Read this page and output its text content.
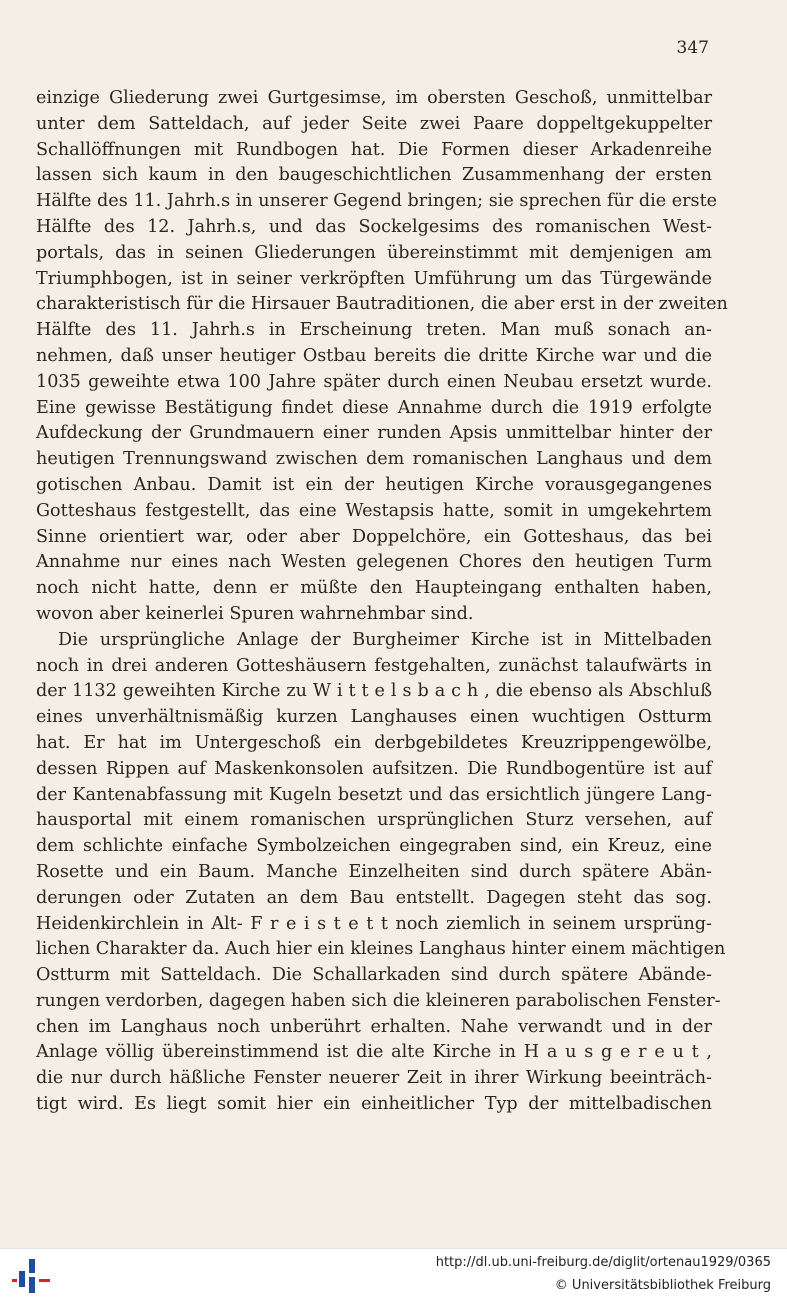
347
einzige Gliederung zwei Gurtgesimse, im obersten Geschoß, unmittelbar
unter dem Satteldach, auf jeder Seite zwei Paare doppeltgekuppelter
Schallöffnungen mit Rundbogen hat. Die Formen dieser Arkadenreihe
lassen sich kaum in den baugeschichtlichen Zusammenhang der ersten
Hälfte des 11. Jahrh.s in unserer Gegend bringen; sie sprechen für die erste
Hälfte des 12. Jahrh.s, und das Sockelgesims des romanischen West-
portals, das in seinen Gliederungen übereinstimmt mit demjenigen am
Triumphbogen, ist in seiner verkröpften Umführung um das Türgewände
charakteristisch für die Hirsauer Bautraditionen, die aber erst in der zweiten
Hälfte des 11. Jahrh.s in Erscheinung treten. Man muß sonach an-
nehmen, daß unser heutiger Ostbau bereits die dritte Kirche war und die
1035 geweihte etwa 100 Jahre später durch einen Neubau ersetzt wurde.
Eine gewisse Bestätigung findet diese Annahme durch die 1919 erfolgte
Aufdeckung der Grundmauern einer runden Apsis unmittelbar hinter der
heutigen Trennungswand zwischen dem romanischen Langhaus und dem
gotischen Anbau. Damit ist ein der heutigen Kirche vorausgegangenes
Gotteshaus festgestellt, das eine Westapsis hatte, somit in umgekehrtem
Sinne orientiert war, oder aber Doppelchöre, ein Gotteshaus, das bei
Annahme nur eines nach Westen gelegenen Chores den heutigen Turm
noch nicht hatte, denn er müßte den Haupteingang enthalten haben,
wovon aber keinerlei Spuren wahrnehmbar sind.
Die ursprüngliche Anlage der Burgheimer Kirche ist in Mittelbaden
noch in drei anderen Gotteshäusern festgehalten, zunächst talaufwärts in
der 1132 geweihten Kirche zu W i t t e l s b a c h , die ebenso als Abschluß
eines unverhältnismäßig kurzen Langhauses einen wuchtigen Ostturm
hat. Er hat im Untergeschoß ein derbgebildetes Kreuzrippengewölbe,
dessen Rippen auf Maskenkonsolen aufsitzen. Die Rundbogentüre ist auf
der Kantenabfassung mit Kugeln besetzt und das ersichtlich jüngere Lang-
hausportal mit einem romanischen ursprünglichen Sturz versehen, auf
dem schlichte einfache Symbolzeichen eingegraben sind, ein Kreuz, eine
Rosette und ein Baum. Manche Einzelheiten sind durch spätere Abän-
derungen oder Zutaten an dem Bau entstellt. Dagegen steht das sog.
Heidenkirchlein in Alt- F r e i s t e t t noch ziemlich in seinem ursprüng-
lichen Charakter da. Auch hier ein kleines Langhaus hinter einem mächtigen
Ostturm mit Satteldach. Die Schallarkaden sind durch spätere Abände-
rungen verdorben, dagegen haben sich die kleineren parabolischen Fenster-
chen im Langhaus noch unberührt erhalten. Nahe verwandt und in der
Anlage völlig übereinstimmend ist die alte Kirche in H a u s g e r e u t ,
die nur durch häßliche Fenster neuerer Zeit in ihrer Wirkung beeinträch-
tigt wird. Es liegt somit hier ein einheitlicher Typ der mittelbadischen
http://dl.ub.uni-freiburg.de/diglit/ortenau1929/0365
© Universitätsbibliothek Freiburg
